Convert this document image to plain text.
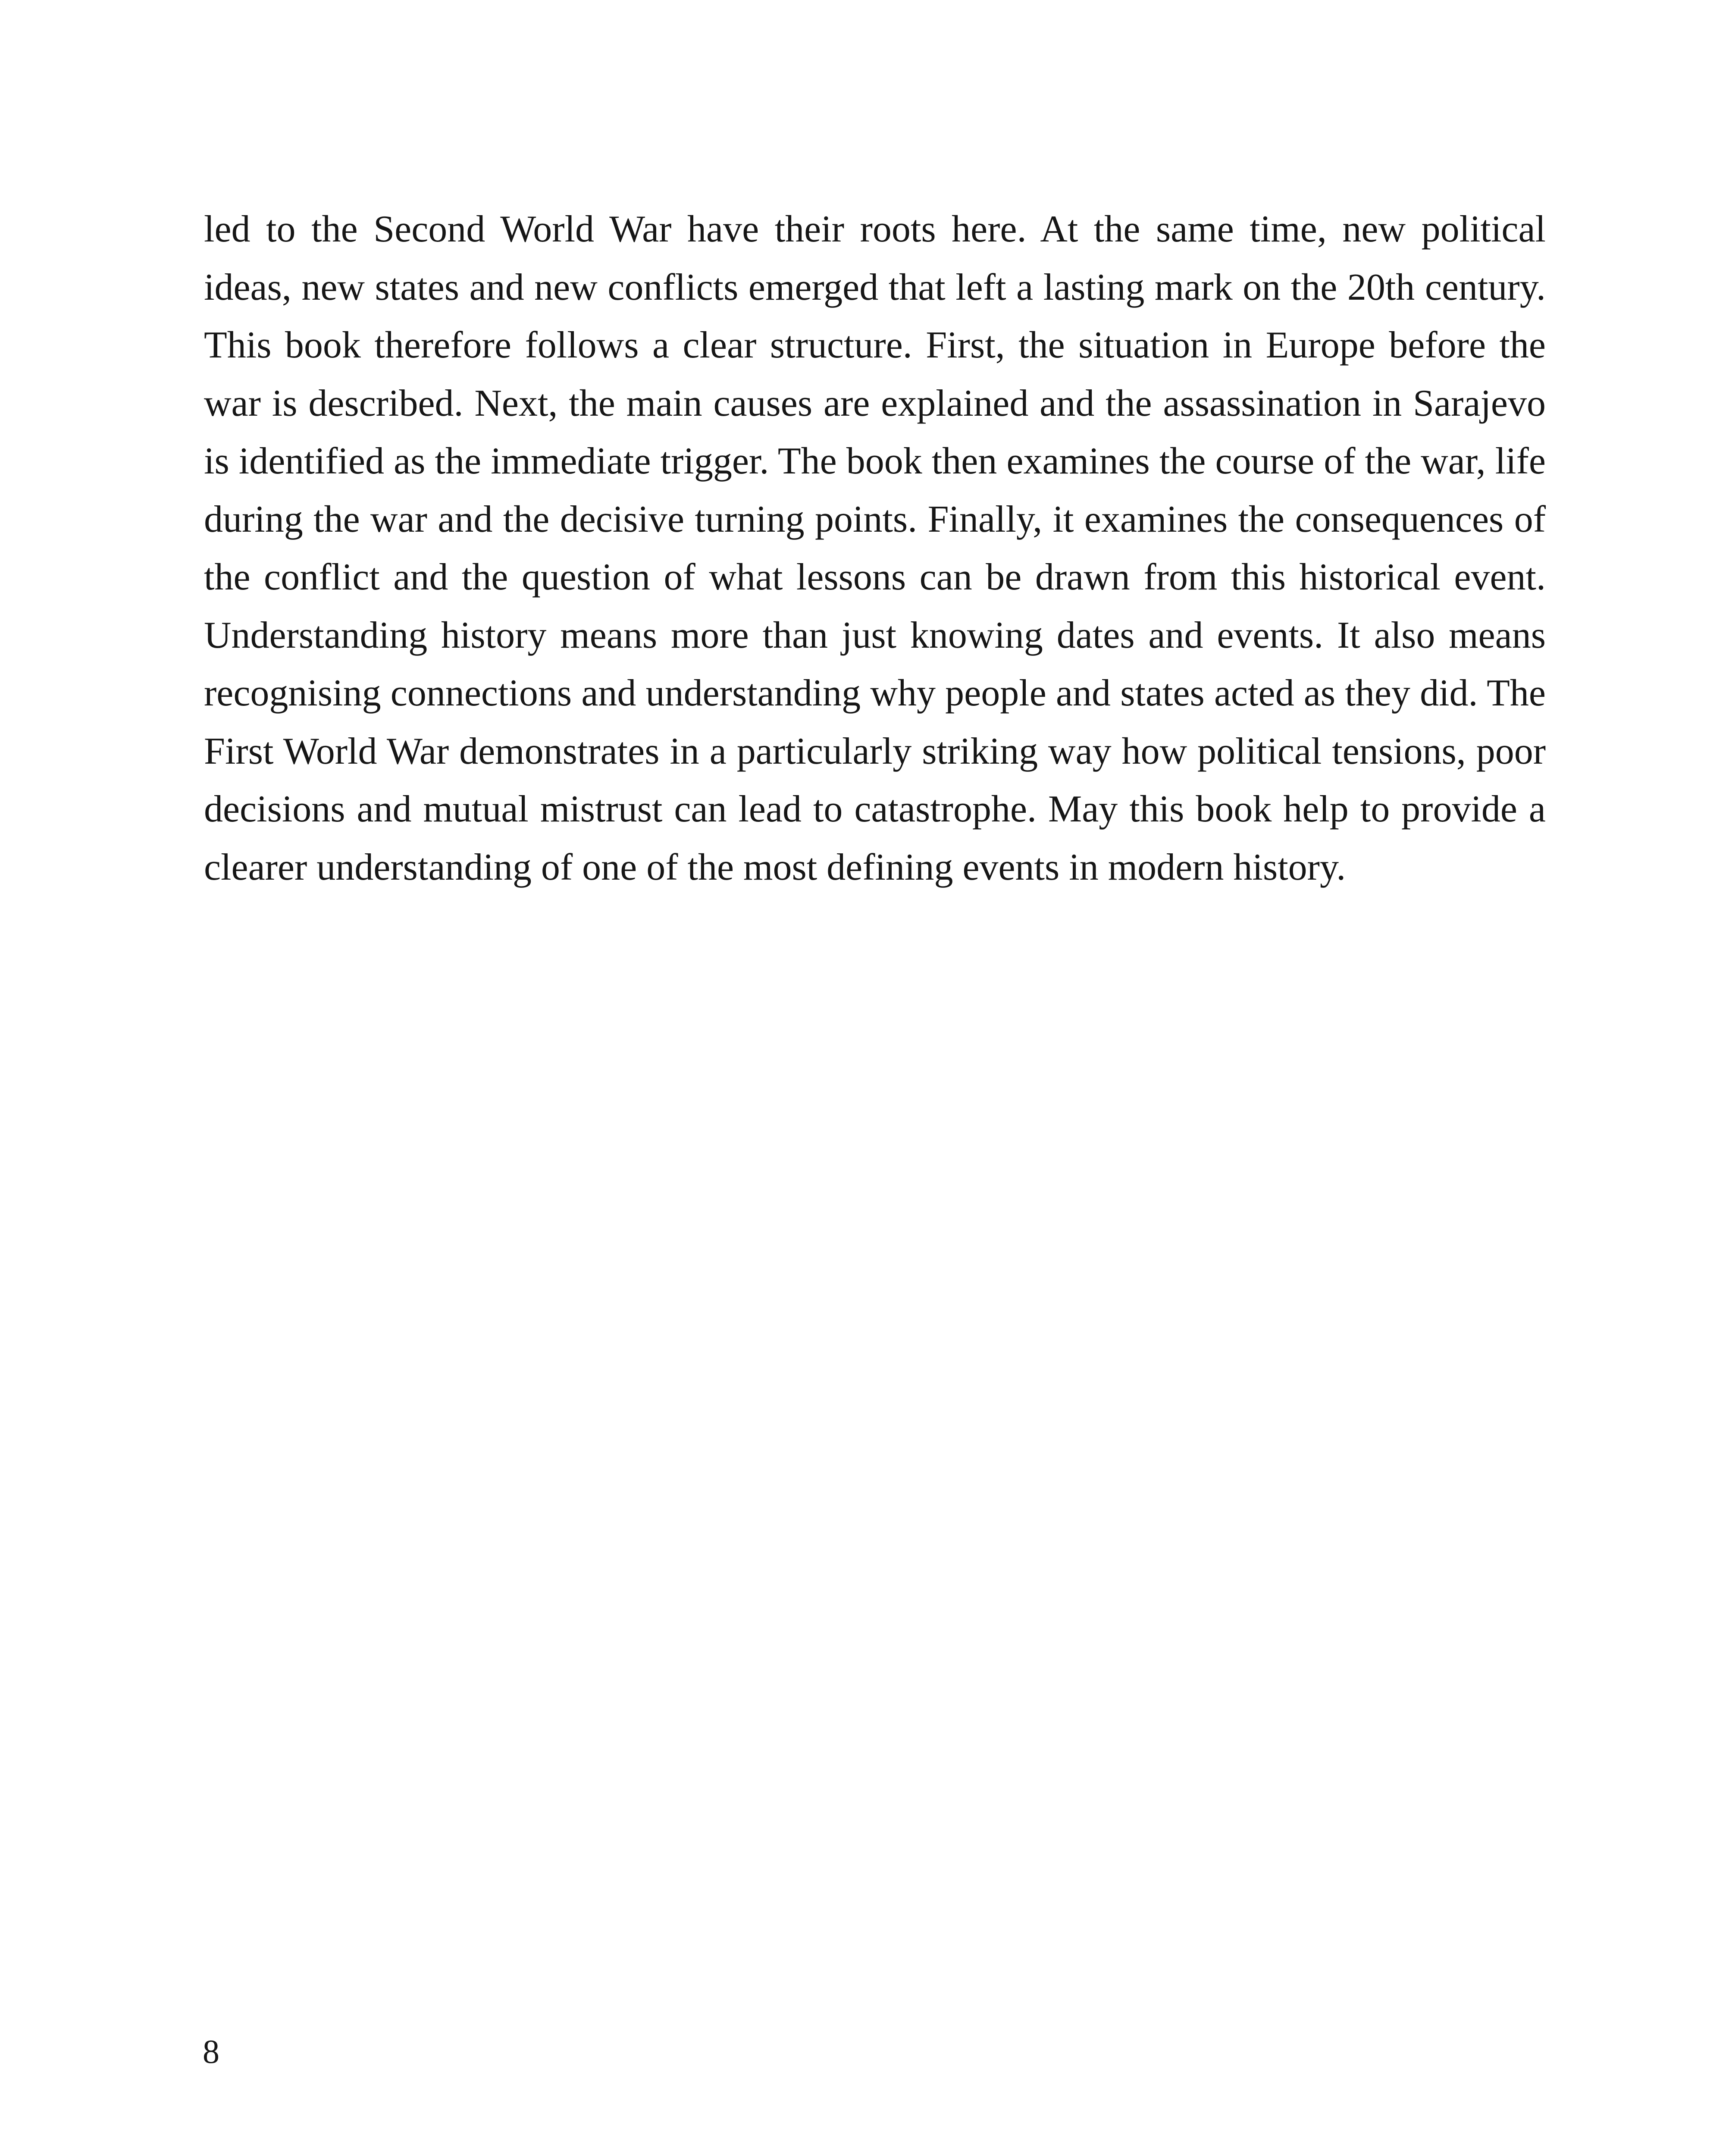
led to the Second World War have their roots here. At the same time, new political ideas, new states and new conflicts emerged that left a lasting mark on the 20th century. This book therefore follows a clear structure. First, the situation in Europe before the war is described. Next, the main causes are explained and the assassination in Sarajevo is identified as the immediate trigger. The book then examines the course of the war, life during the war and the decisive turning points. Finally, it examines the consequences of the conflict and the question of what lessons can be drawn from this historical event. Understanding history means more than just knowing dates and events. It also means recognising connections and understanding why people and states acted as they did. The First World War demonstrates in a particularly striking way how political tensions, poor decisions and mutual mistrust can lead to catastrophe. May this book help to provide a clearer understanding of one of the most defining events in modern history.

8
